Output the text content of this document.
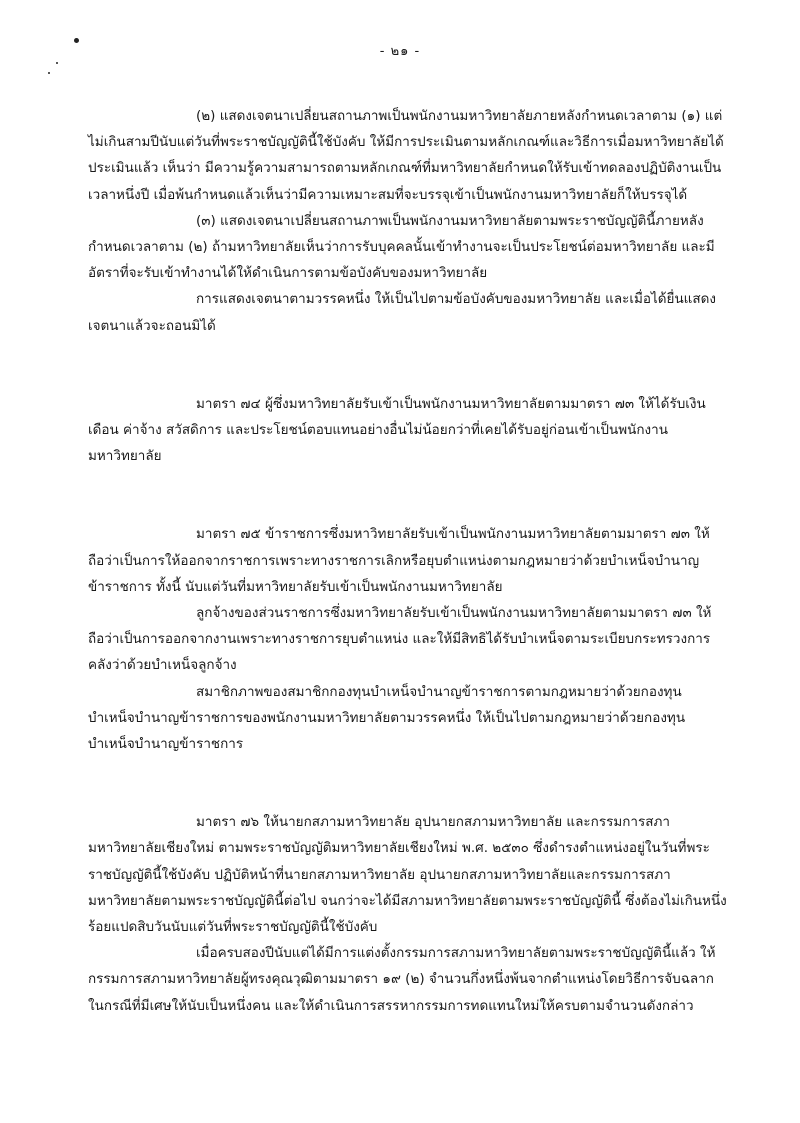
- ๒๑ -

(๒) แสดงเจตนาเปลี่ยนสถานภาพเป็นพนักงานมหาวิทยาลัยภายหลังกำหนดเวลาตาม (๑) แต่ไม่เกินสามปีนับแต่วันที่พระราชบัญญัตินี้ใช้บังคับ ให้มีการประเมินตามหลักเกณฑ์และวิธีการเมื่อมหาวิทยาลัยได้ประเมินแล้ว เห็นว่า มีความรู้ความสามารถตามหลักเกณฑ์ที่มหาวิทยาลัยกำหนดให้รับเข้าทดลองปฏิบัติงานเป็นเวลาหนึ่งปี เมื่อพ้นกำหนดแล้วเห็นว่ามีความเหมาะสมที่จะบรรจุเข้าเป็นพนักงานมหาวิทยาลัยก็ให้บรรจุได้

(๓) แสดงเจตนาเปลี่ยนสถานภาพเป็นพนักงานมหาวิทยาลัยตามพระราชบัญญัตินี้ภายหลังกำหนดเวลาตาม (๒) ถ้ามหาวิทยาลัยเห็นว่าการรับบุคคลนั้นเข้าทำงานจะเป็นประโยชน์ต่อมหาวิทยาลัย และมีอัตราที่จะรับเข้าทำงานได้ให้ดำเนินการตามข้อบังคับของมหาวิทยาลัย

การแสดงเจตนาตามวรรคหนึ่ง ให้เป็นไปตามข้อบังคับของมหาวิทยาลัย และเมื่อได้ยื่นแสดงเจตนาแล้วจะถอนมิได้

มาตรา ๗๔ ผู้ซึ่งมหาวิทยาลัยรับเข้าเป็นพนักงานมหาวิทยาลัยตามมาตรา ๗๓ ให้ได้รับเงินเดือน ค่าจ้าง สวัสดิการ และประโยชน์ตอบแทนอย่างอื่นไม่น้อยกว่าที่เคยได้รับอยู่ก่อนเข้าเป็นพนักงานมหาวิทยาลัย

มาตรา ๗๕ ข้าราชการซึ่งมหาวิทยาลัยรับเข้าเป็นพนักงานมหาวิทยาลัยตามมาตรา ๗๓ ให้ถือว่าเป็นการให้ออกจากราชการเพราะทางราชการเลิกหรือยุบตำแหน่งตามกฎหมายว่าด้วยบำเหน็จบำนาญข้าราชการ ทั้งนี้ นับแต่วันที่มหาวิทยาลัยรับเข้าเป็นพนักงานมหาวิทยาลัย

ลูกจ้างของส่วนราชการซึ่งมหาวิทยาลัยรับเข้าเป็นพนักงานมหาวิทยาลัยตามมาตรา ๗๓ ให้ถือว่าเป็นการออกจากงานเพราะทางราชการยุบตำแหน่ง และให้มีสิทธิได้รับบำเหน็จตามระเบียบกระทรวงการคลังว่าด้วยบำเหน็จลูกจ้าง

สมาชิกภาพของสมาชิกกองทุนบำเหน็จบำนาญข้าราชการตามกฎหมายว่าด้วยกองทุนบำเหน็จบำนาญข้าราชการของพนักงานมหาวิทยาลัยตามวรรคหนึ่ง ให้เป็นไปตามกฎหมายว่าด้วยกองทุนบำเหน็จบำนาญข้าราชการ

มาตรา ๗๖ ให้นายกสภามหาวิทยาลัย อุปนายกสภามหาวิทยาลัย และกรรมการสภามหาวิทยาลัยเชียงใหม่ ตามพระราชบัญญัติมหาวิทยาลัยเชียงใหม่ พ.ศ. ๒๕๓๐ ซึ่งดำรงตำแหน่งอยู่ในวันที่พระราชบัญญัตินี้ใช้บังคับ ปฏิบัติหน้าที่นายกสภามหาวิทยาลัย อุปนายกสภามหาวิทยาลัยและกรรมการสภามหาวิทยาลัยตามพระราชบัญญัตินี้ต่อไป จนกว่าจะได้มีสภามหาวิทยาลัยตามพระราชบัญญัตินี้ ซึ่งต้องไม่เกินหนึ่งร้อยแปดสิบวันนับแต่วันที่พระราชบัญญัตินี้ใช้บังคับ

เมื่อครบสองปีนับแต่ได้มีการแต่งตั้งกรรมการสภามหาวิทยาลัยตามพระราชบัญญัตินี้แล้ว ให้กรรมการสภามหาวิทยาลัยผู้ทรงคุณวุฒิตามมาตรา ๑๙ (๒) จำนวนกึ่งหนึ่งพ้นจากตำแหน่งโดยวิธีการจับฉลาก ในกรณีที่มีเศษให้นับเป็นหนึ่งคน และให้ดำเนินการสรรหากรรมการทดแทนใหม่ให้ครบตามจำนวนดังกล่าว
